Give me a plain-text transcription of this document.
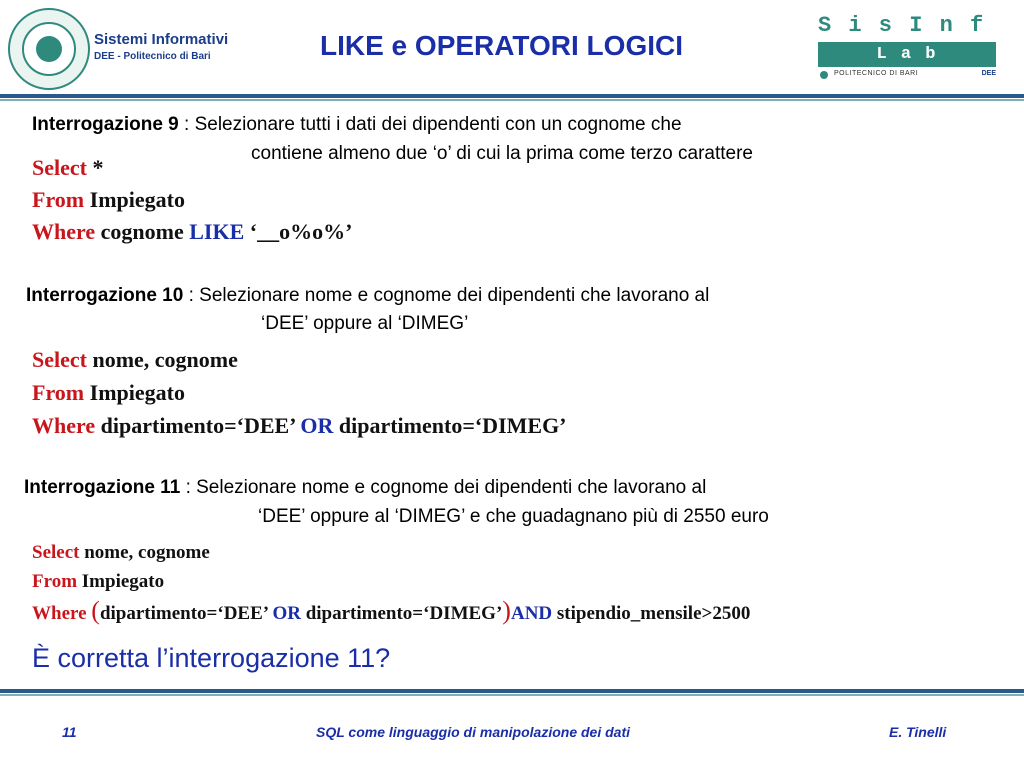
Sistemi Informativi
DEE - Politecnico di Bari	LIKE e OPERATORI LOGICI
S i s I n f
L a b
POLITECNICO DI BARI	DEE
Interrogazione 9 : Selezionare tutti i dati dei dipendenti con un cognome che
contiene almeno due ‘o’ di cui la prima come terzo carattere
Select *
From Impiegato
Where cognome LIKE ‘__o%o%’
Interrogazione 10 : Selezionare nome e cognome dei dipendenti che lavorano al
‘DEE’ oppure al ‘DIMEG’
Select nome, cognome
From Impiegato
Where dipartimento=‘DEE’ OR dipartimento=‘DIMEG’
Interrogazione 11 : Selezionare nome e cognome dei dipendenti che lavorano al
‘DEE’ oppure al ‘DIMEG’ e che guadagnano più di 2550 euro
Select nome, cognome
From Impiegato
Where (dipartimento=‘DEE’ OR dipartimento=‘DIMEG’)AND stipendio_mensile>2500
È corretta l’interrogazione 11?
11	SQL come linguaggio di manipolazione dei dati	E. Tinelli
